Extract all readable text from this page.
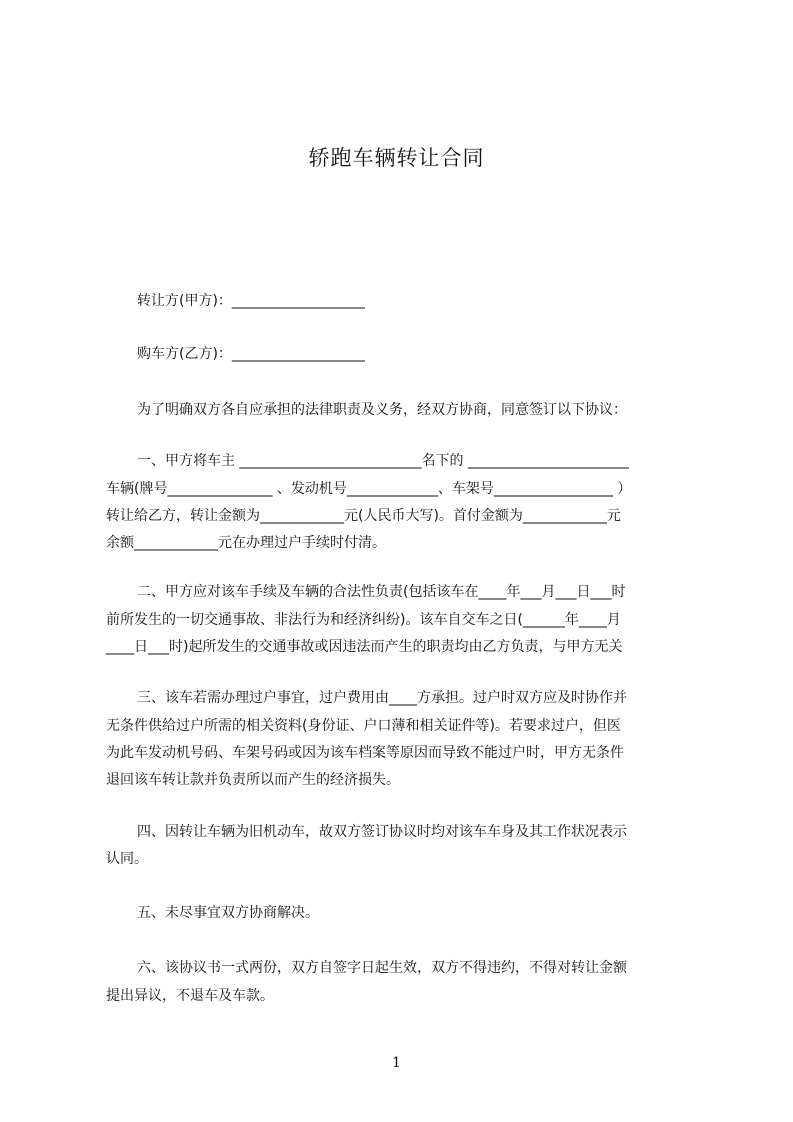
轿跑车辆转让合同
转让方(甲方)：___________________
购车方(乙方)：___________________
为了明确双方各自应承担的法律职责及义务，经双方协商，同意签订以下协议：
一、甲方将车主 __________________________名下的 _______________________
车辆(牌号_______________ 、发动机号_____________、车架号_________________ ）
转让给乙方，转让金额为____________元(人民币大写)。首付金额为____________元
余额____________元在办理过户手续时付清。
二、甲方应对该车手续及车辆的合法性负责(包括该车在____年___月___日___时
前所发生的一切交通事故、非法行为和经济纠纷)。该车自交车之日(______年____月
____日___时)起所发生的交通事故或因违法而产生的职责均由乙方负责，与甲方无关
三、该车若需办理过户事宜，过户费用由____方承担。过户时双方应及时协作并
无条件供给过户所需的相关资料(身份证、户口薄和相关证件等)。若要求过户，但医
为此车发动机号码、车架号码或因为该车档案等原因而导致不能过户时，甲方无条件
退回该车转让款并负责所以而产生的经济损失。
四、因转让车辆为旧机动车，故双方签订协议时均对该车车身及其工作状况表示
认同。
五、未尽事宜双方协商解决。
六、该协议书一式两份，双方自签字日起生效，双方不得违约，不得对转让金额
提出异议，不退车及车款。
1
